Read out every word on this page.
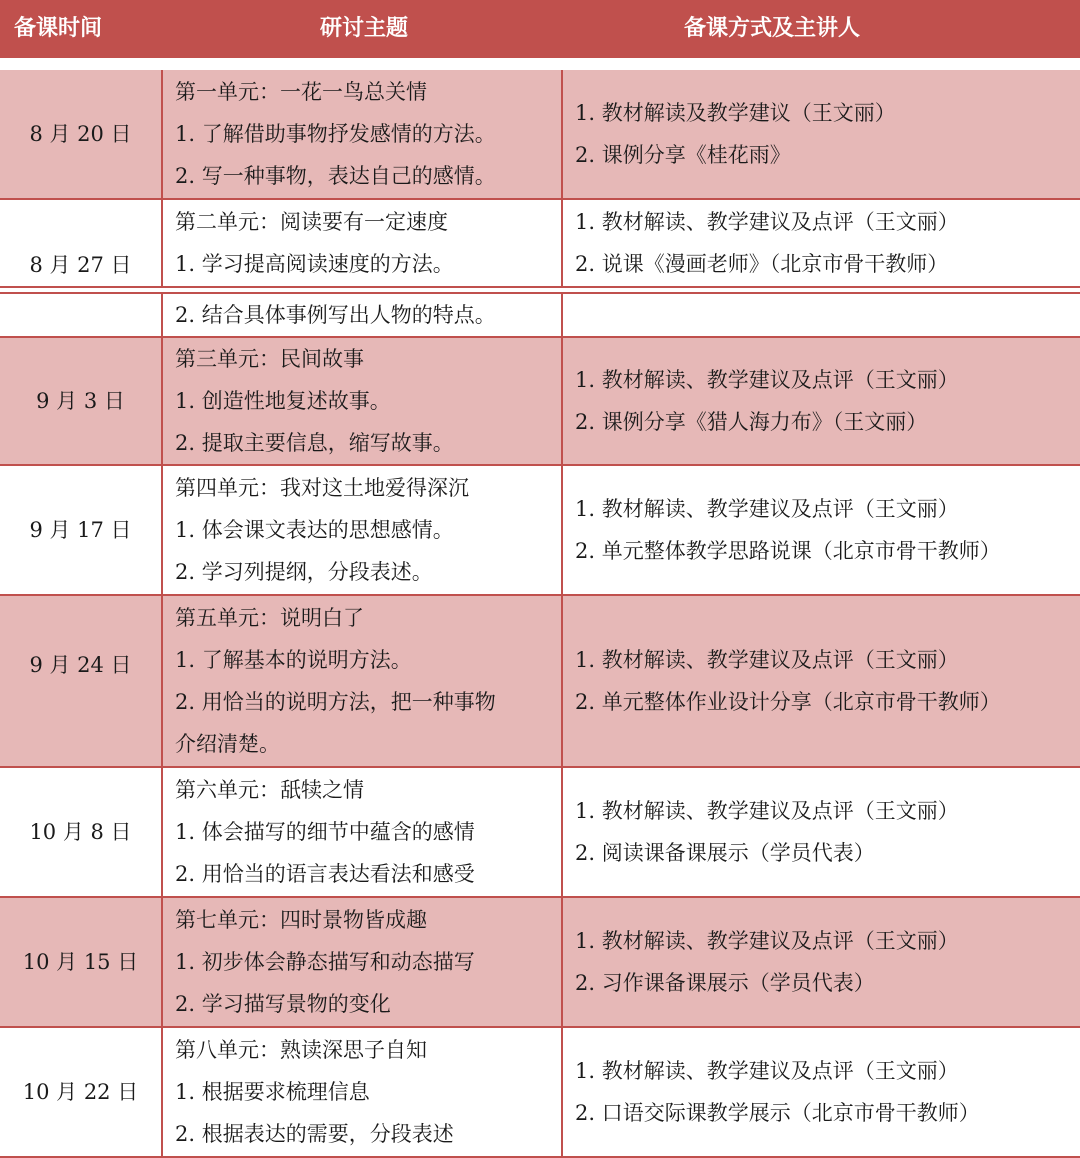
备课时间	研讨主题	备课方式及主讲人
8 月 20 日
第一单元：一花一鸟总关情
1. 了解借助事物抒发感情的方法。
2. 写一种事物，表达自己的感情。
1. 教材解读及教学建议（王文丽）
2. 课例分享《桂花雨》
8 月 27 日
第二单元：阅读要有一定速度
1. 学习提高阅读速度的方法。
1. 教材解读、教学建议及点评（王文丽）
2. 说课《漫画老师》（北京市骨干教师）
2. 结合具体事例写出人物的特点。
9 月 3 日
第三单元：民间故事
1. 创造性地复述故事。
2. 提取主要信息，缩写故事。
1. 教材解读、教学建议及点评（王文丽）
2. 课例分享《猎人海力布》（王文丽）
9 月 17 日
第四单元：我对这土地爱得深沉
1. 体会课文表达的思想感情。
2. 学习列提纲，分段表述。
1. 教材解读、教学建议及点评（王文丽）
2. 单元整体教学思路说课（北京市骨干教师）
9 月 24 日
第五单元：说明白了
1. 了解基本的说明方法。
2. 用恰当的说明方法，把一种事物
介绍清楚。
1. 教材解读、教学建议及点评（王文丽）
2. 单元整体作业设计分享（北京市骨干教师）
10 月 8 日
第六单元：舐犊之情
1. 体会描写的细节中蕴含的感情
2. 用恰当的语言表达看法和感受
1. 教材解读、教学建议及点评（王文丽）
2. 阅读课备课展示（学员代表）
10 月 15 日
第七单元：四时景物皆成趣
1. 初步体会静态描写和动态描写
2. 学习描写景物的变化
1. 教材解读、教学建议及点评（王文丽）
2. 习作课备课展示（学员代表）
10 月 22 日
第八单元：熟读深思子自知
1. 根据要求梳理信息
2. 根据表达的需要，分段表述
1. 教材解读、教学建议及点评（王文丽）
2. 口语交际课教学展示（北京市骨干教师）
